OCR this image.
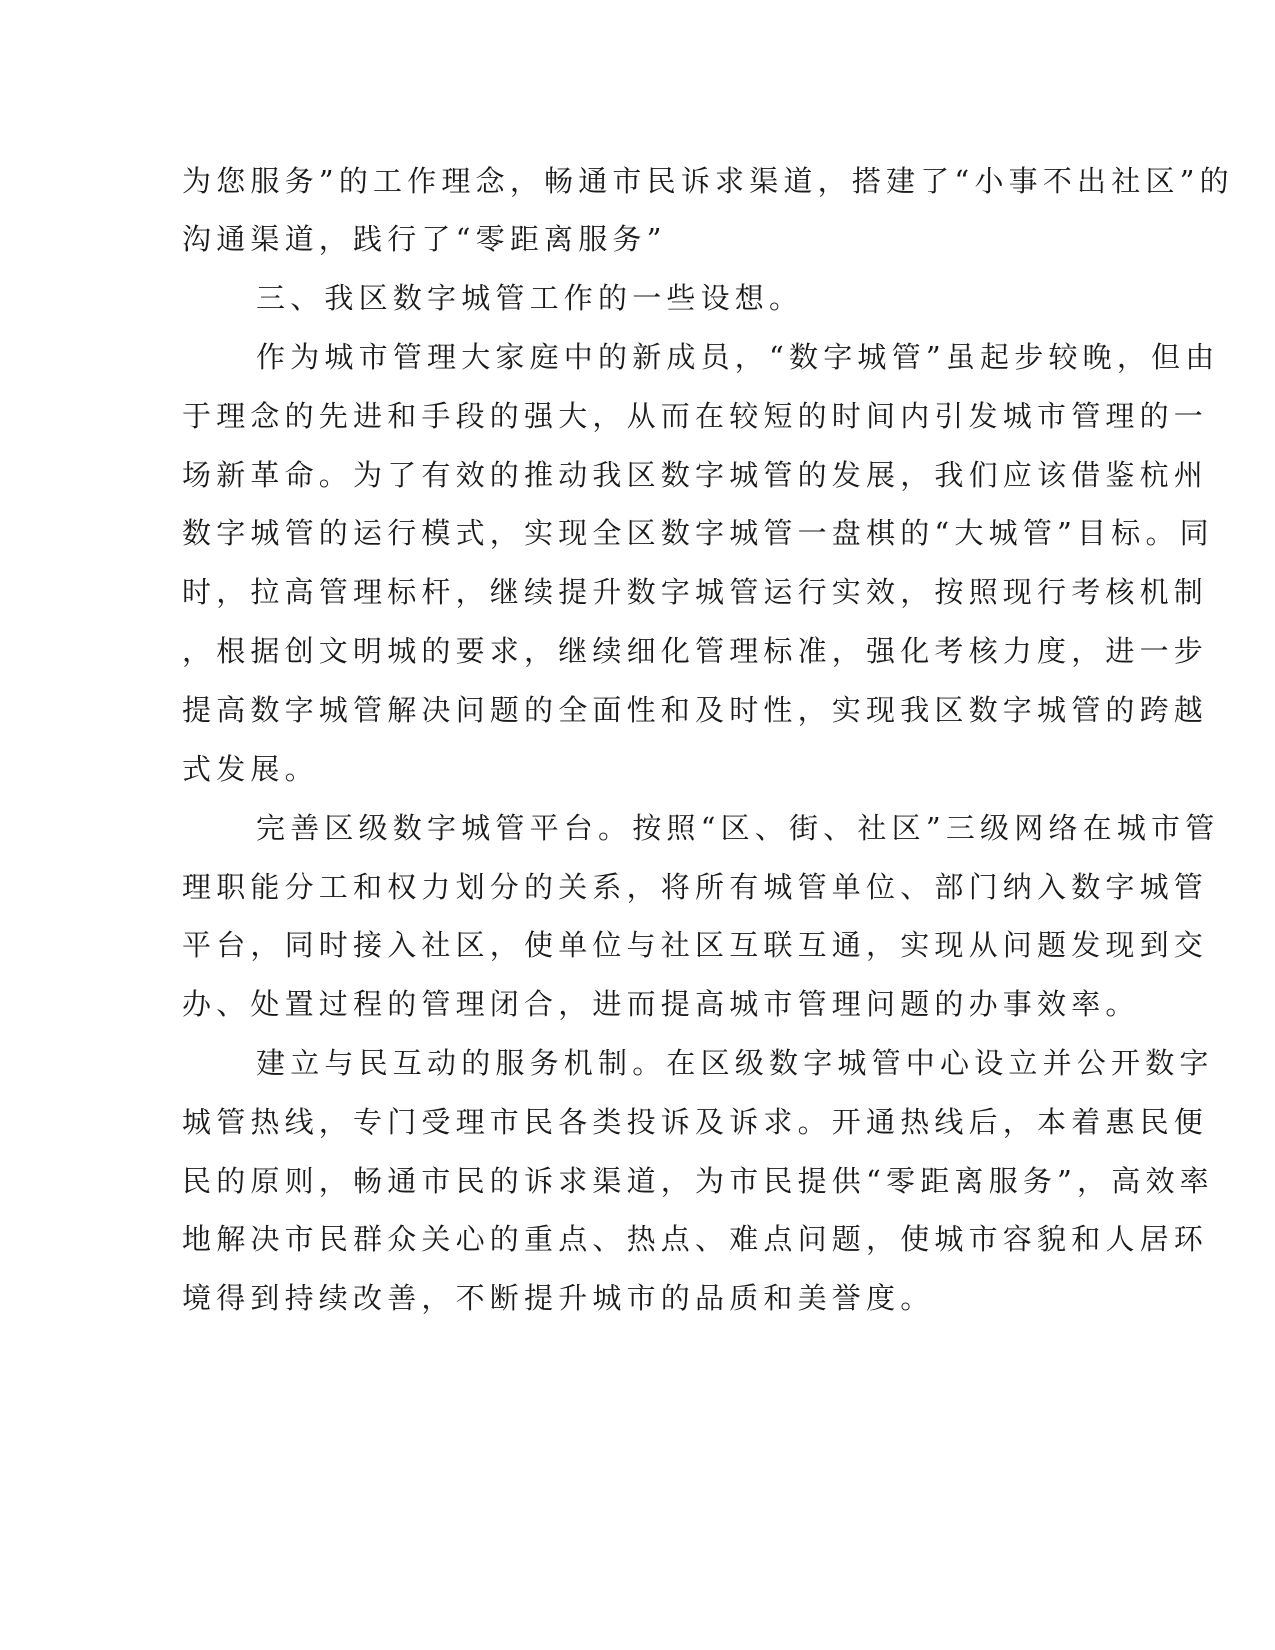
为您服务”的工作理念，畅通市民诉求渠道，搭建了“小事不出社区”的
沟通渠道，践行了“零距离服务”
三、我区数字城管工作的一些设想。
作为城市管理大家庭中的新成员，“数字城管”虽起步较晚，但由
于理念的先进和手段的强大，从而在较短的时间内引发城市管理的一
场新革命。为了有效的推动我区数字城管的发展，我们应该借鉴杭州
数字城管的运行模式，实现全区数字城管一盘棋的“大城管”目标。同
时，拉高管理标杆，继续提升数字城管运行实效，按照现行考核机制
，根据创文明城的要求，继续细化管理标准，强化考核力度，进一步
提高数字城管解决问题的全面性和及时性，实现我区数字城管的跨越
式发展。
完善区级数字城管平台。按照“区、街、社区”三级网络在城市管
理职能分工和权力划分的关系，将所有城管单位、部门纳入数字城管
平台，同时接入社区，使单位与社区互联互通，实现从问题发现到交
办、处置过程的管理闭合，进而提高城市管理问题的办事效率。
建立与民互动的服务机制。在区级数字城管中心设立并公开数字
城管热线，专门受理市民各类投诉及诉求。开通热线后，本着惠民便
民的原则，畅通市民的诉求渠道，为市民提供“零距离服务”，高效率
地解决市民群众关心的重点、热点、难点问题，使城市容貌和人居环
境得到持续改善，不断提升城市的品质和美誉度。
